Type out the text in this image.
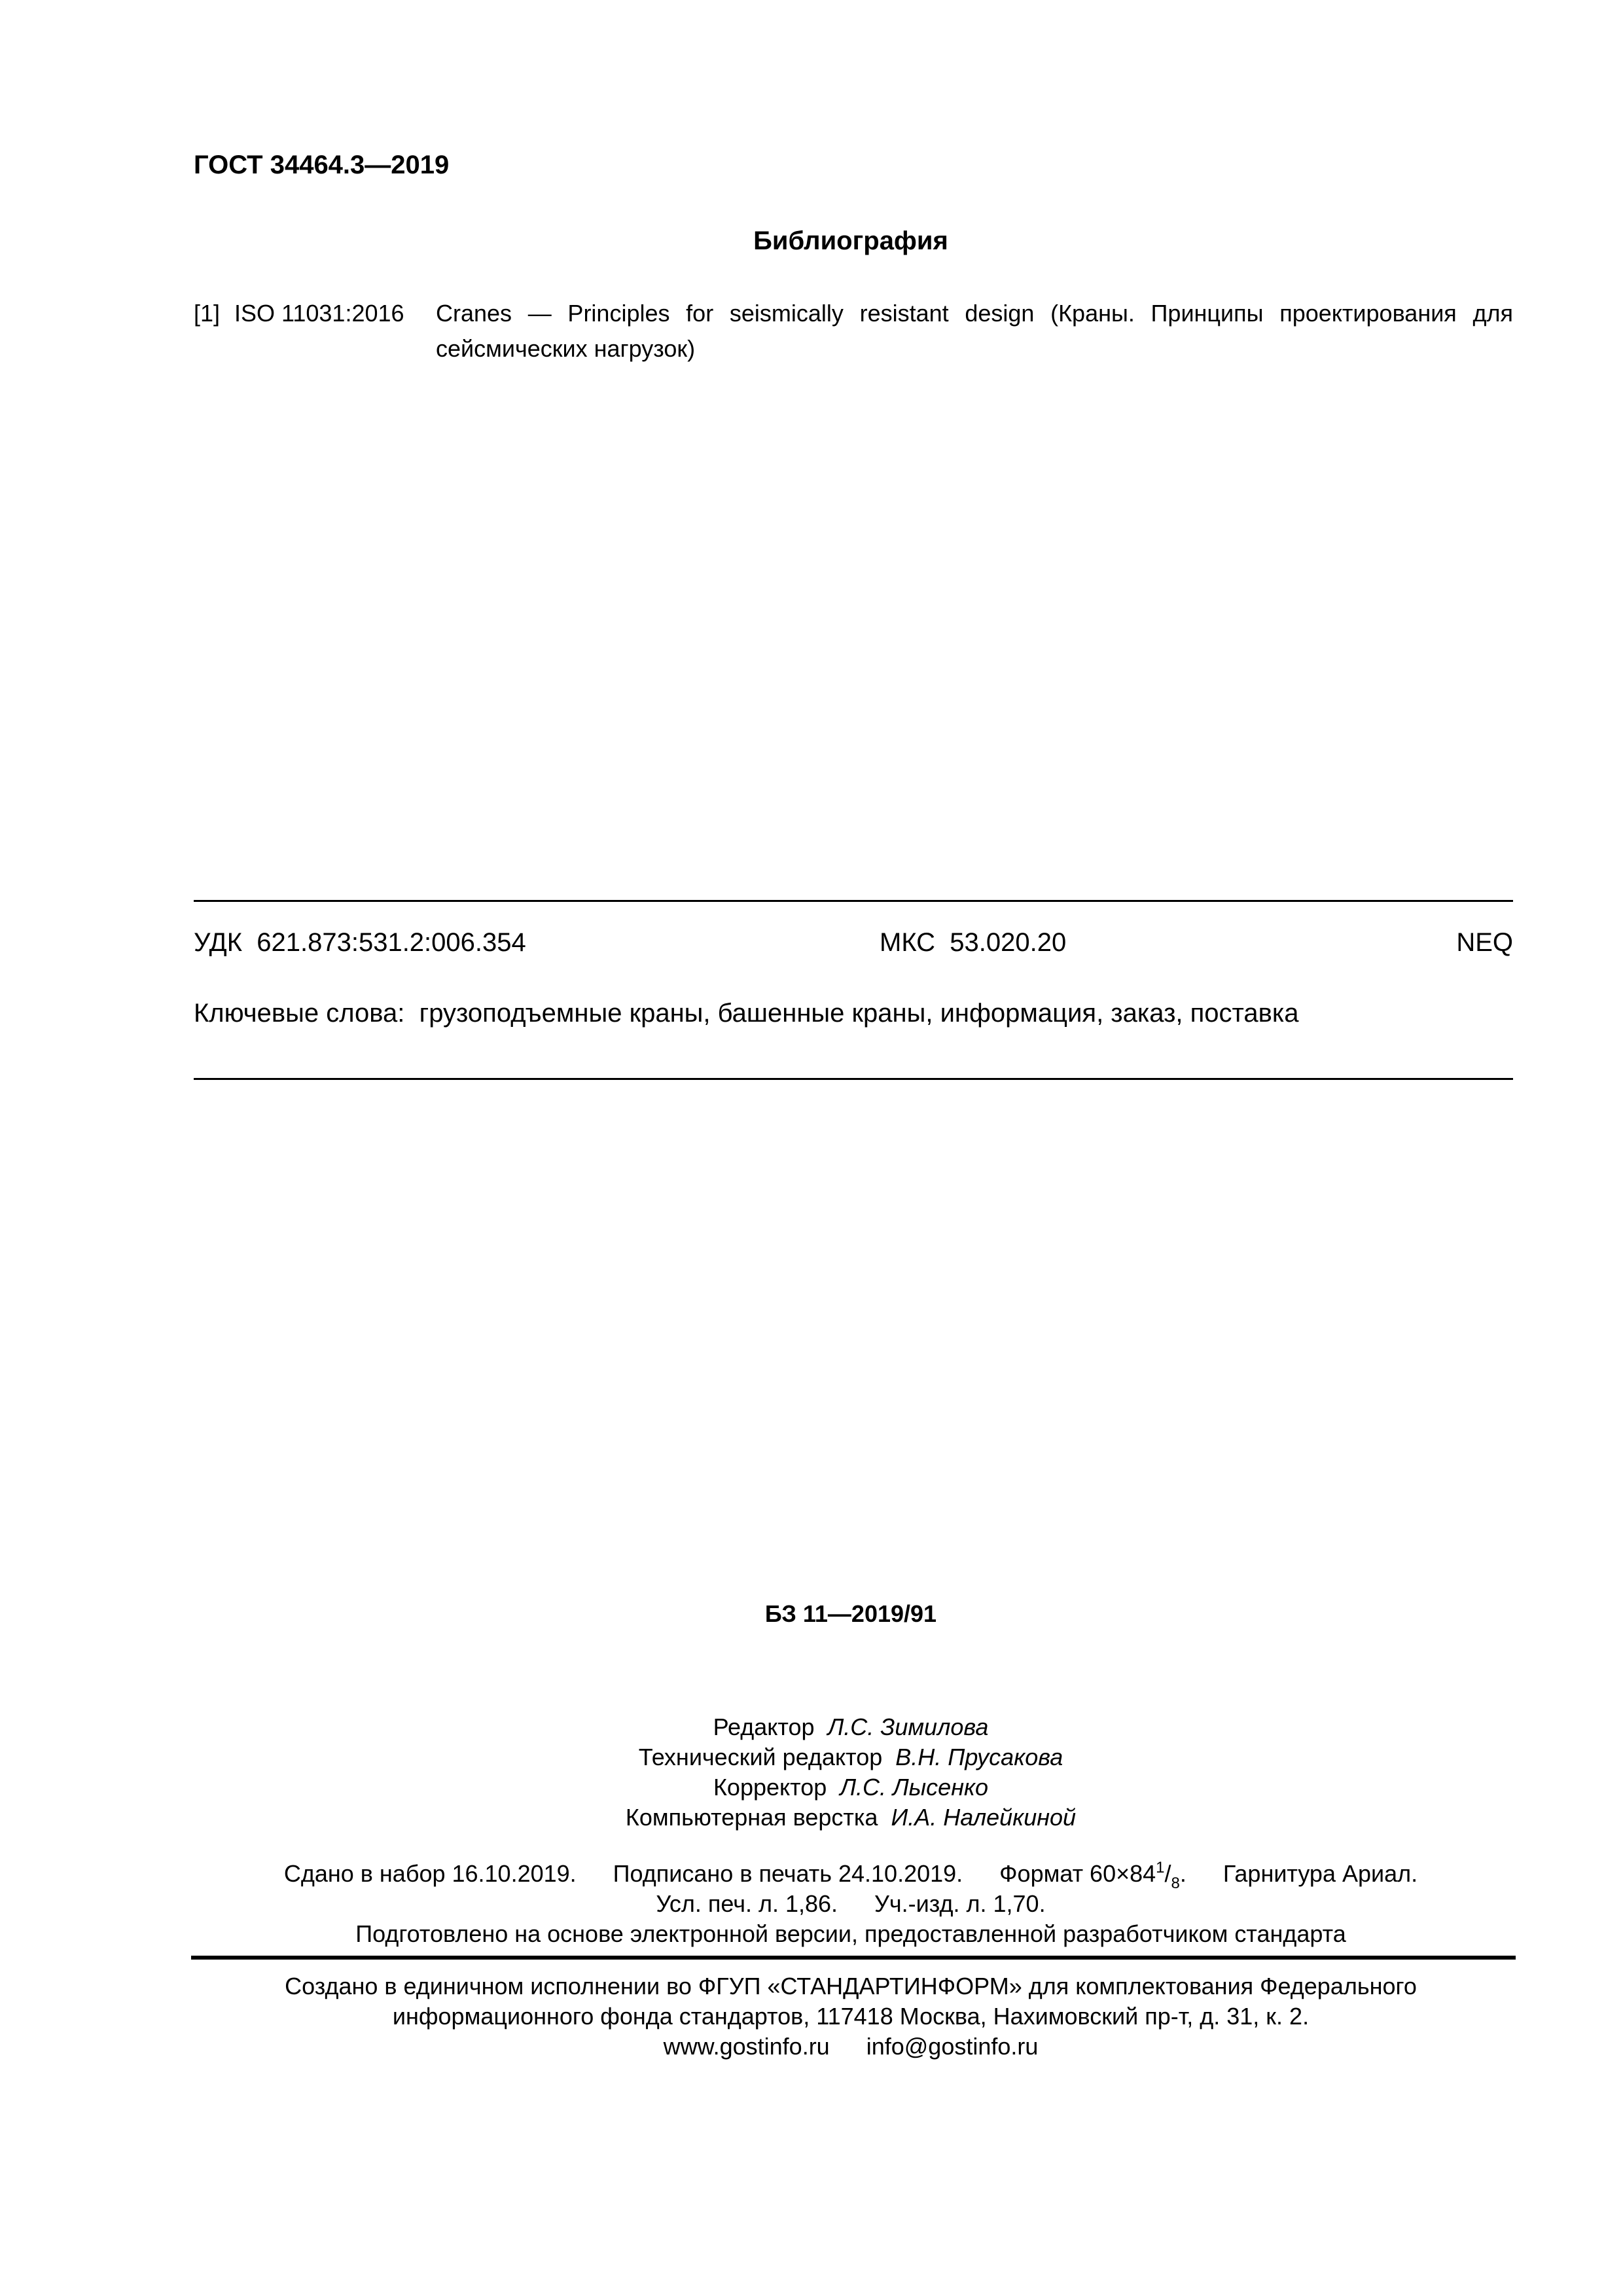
ГОСТ 34464.3—2019
Библиография
[1] ISO 11031:2016 Cranes — Principles for seismically resistant design (Краны. Принципы проектирования для сейсмических нагрузок)
УДК 621.873:531.2:006.354	МКС 53.020.20	NEQ
Ключевые слова: грузоподъемные краны, башенные краны, информация, заказ, поставка
БЗ 11—2019/91
Редактор Л.С. Зимилова
Технический редактор В.Н. Прусакова
Корректор Л.С. Лысенко
Компьютерная верстка И.А. Налейкиной
Сдано в набор 16.10.2019. Подписано в печать 24.10.2019. Формат $60\times 84^1/_8$. Гарнитура Ариал.
Усл. печ. л. 1,86. Уч.-изд. л. 1,70.
Подготовлено на основе электронной версии, предоставленной разработчиком стандарта
Создано в единичном исполнении во ФГУП «СТАНДАРТИНФОРМ» для комплектования Федерального
информационного фонда стандартов, 117418 Москва, Нахимовский пр-т, д. 31, к. 2.
www.gostinfo.ru info@gostinfo.ru
